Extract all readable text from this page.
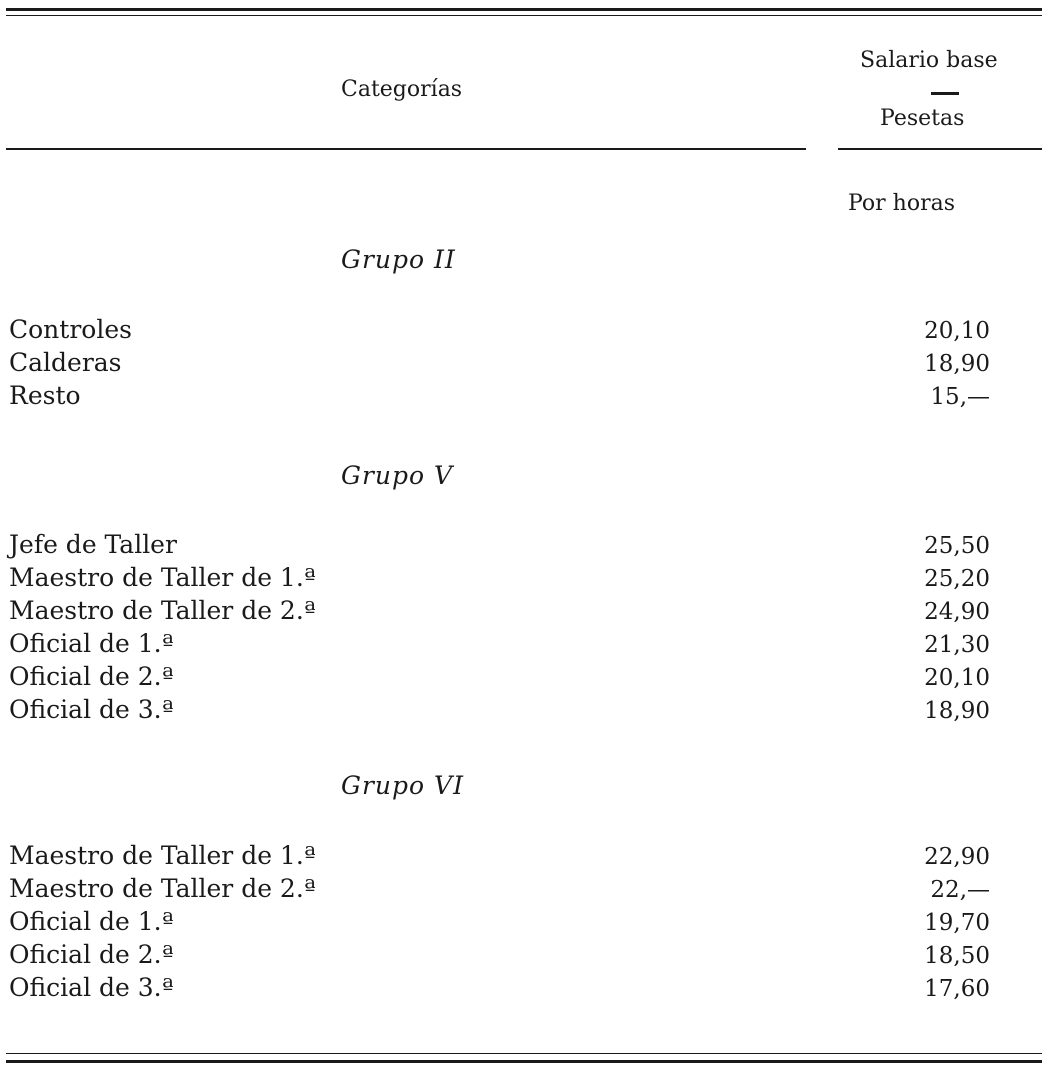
Categorías
Salario base
Pesetas
Por horas
Grupo II
Controles	20,10
Calderas	18,90
Resto	15,—
Grupo V
Jefe de Taller	25,50
Maestro de Taller de 1.ª	25,20
Maestro de Taller de 2.ª	24,90
Oficial de 1.ª	21,30
Oficial de 2.ª	20,10
Oficial de 3.ª	18,90
Grupo VI
Maestro de Taller de 1.ª	22,90
Maestro de Taller de 2.ª	22,—
Oficial de 1.ª	19,70
Oficial de 2.ª	18,50
Oficial de 3.ª	17,60
